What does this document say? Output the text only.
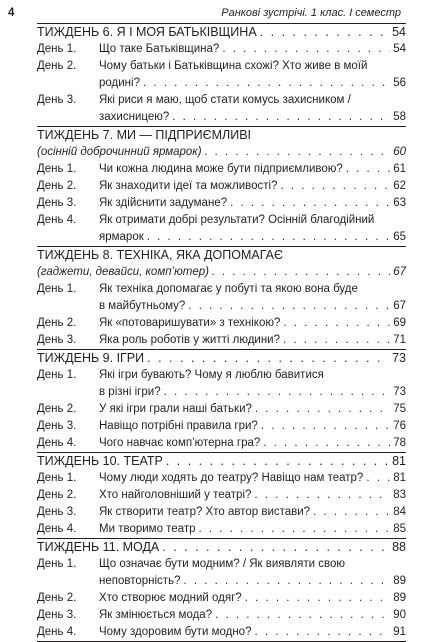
4	Ранкові зустрічі. 1 клас. I семестр
ТИЖДЕНЬ 6. Я І МОЯ БАТЬКІВЩИНА . .	54
День 1. Що таке Батьківщина? . .	54
День 2. Чому батьки і Батьківщина схожі? Хто живе в моїй
родині? . .	56
День 3. Які риси я маю, щоб стати комусь захисником /
захисницею? . .	58
ТИЖДЕНЬ 7. МИ — ПІДПРИЄМЛИВІ
(осінній доброчинний ярмарок) . .	60
День 1. Чи кожна людина може бути підприємливою? . .	61
День 2. Як знаходити ідеї та можливості? . .	62
День 3. Як здійснити задумане? . .	63
День 4. Як отримати добрі результати? Осінній благодійний
ярмарок . .	65
ТИЖДЕНЬ 8. ТЕХНІКА, ЯКА ДОПОМАГАЄ
(гаджети, девайси, комп’ютер) . .	67
День 1. Як техніка допомагає у побуті та якою вона буде
в майбутньому? . .	67
День 2. Як «потоваришувати» з технікою? . .	69
День 3. Яка роль роботів у житті людини? . .	71
ТИЖДЕНЬ 9. ІГРИ . .	73
День 1. Які ігри бувають? Чому я люблю бавитися
в різні ігри? . .	73
День 2. У які ігри грали наші батьки? . .	75
День 3. Навіщо потрібні правила гри? . .	76
День 4. Чого навчає комп’ютерна гра? . .	78
ТИЖДЕНЬ 10. ТЕАТР . .	81
День 1. Чому люди ходять до театру? Навіщо нам театр? . .	81
День 2. Хто найголовніший у театрі? . .	83
День 3. Як створити театр? Хто автор вистави? . .	84
День 4. Ми творимо театр . .	85
ТИЖДЕНЬ 11. МОДА . .	88
День 1. Що означає бути модним? / Як виявляти свою
неповторність? . .	89
День 2. Хто створює модний одяг? . .	89
День 3. Як змінюється мода? . .	90
День 4. Чому здоровим бути модно? . .	91
